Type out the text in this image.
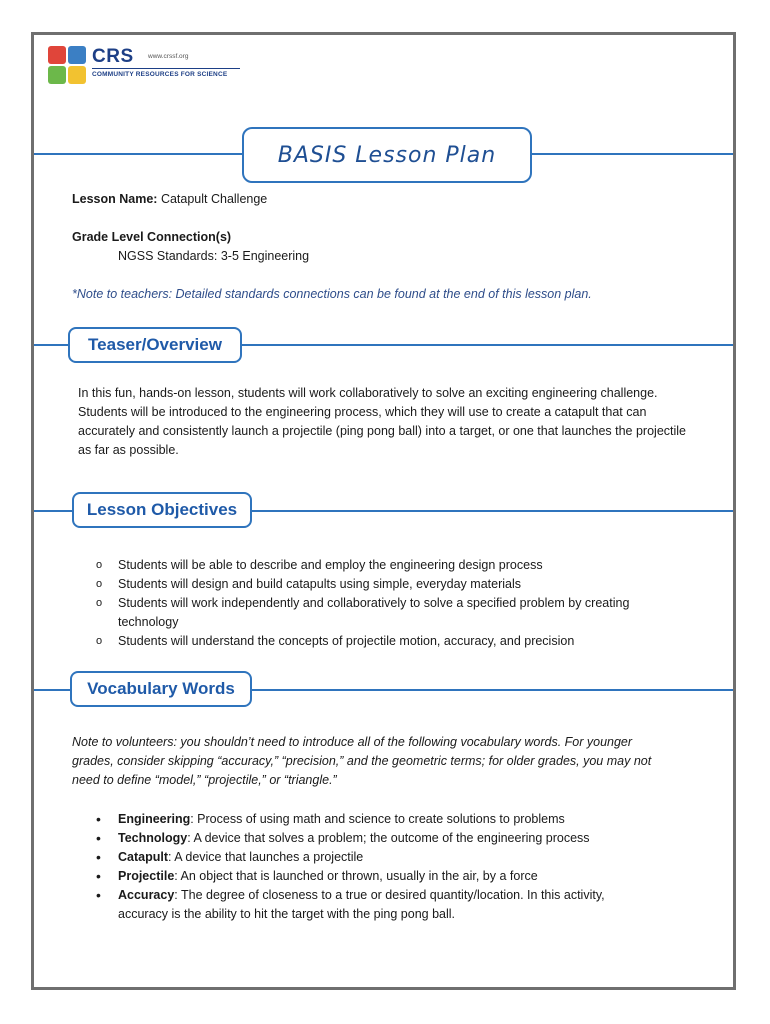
CRS www.crssf.org
COMMUNITY RESOURCES FOR SCIENCE
BASIS Lesson Plan
Lesson Name: Catapult Challenge
Grade Level Connection(s)
NGSS Standards: 3-5 Engineering
*Note to teachers: Detailed standards connections can be found at the end of this lesson plan.
Teaser/Overview
In this fun, hands-on lesson, students will work collaboratively to solve an exciting engineering challenge. Students will be introduced to the engineering process, which they will use to create a catapult that can accurately and consistently launch a projectile (ping pong ball) into a target, or one that launches the projectile as far as possible.
Lesson Objectives
o Students will be able to describe and employ the engineering design process
o Students will design and build catapults using simple, everyday materials
o Students will work independently and collaboratively to solve a specified problem by creating technology
o Students will understand the concepts of projectile motion, accuracy, and precision
Vocabulary Words
Note to volunteers: you shouldn’t need to introduce all of the following vocabulary words. For younger grades, consider skipping “accuracy,” “precision,” and the geometric terms; for older grades, you may not need to define “model,” “projectile,” or “triangle.”
• Engineering: Process of using math and science to create solutions to problems
• Technology: A device that solves a problem; the outcome of the engineering process
• Catapult: A device that launches a projectile
• Projectile: An object that is launched or thrown, usually in the air, by a force
• Accuracy: The degree of closeness to a true or desired quantity/location. In this activity, accuracy is the ability to hit the target with the ping pong ball.
